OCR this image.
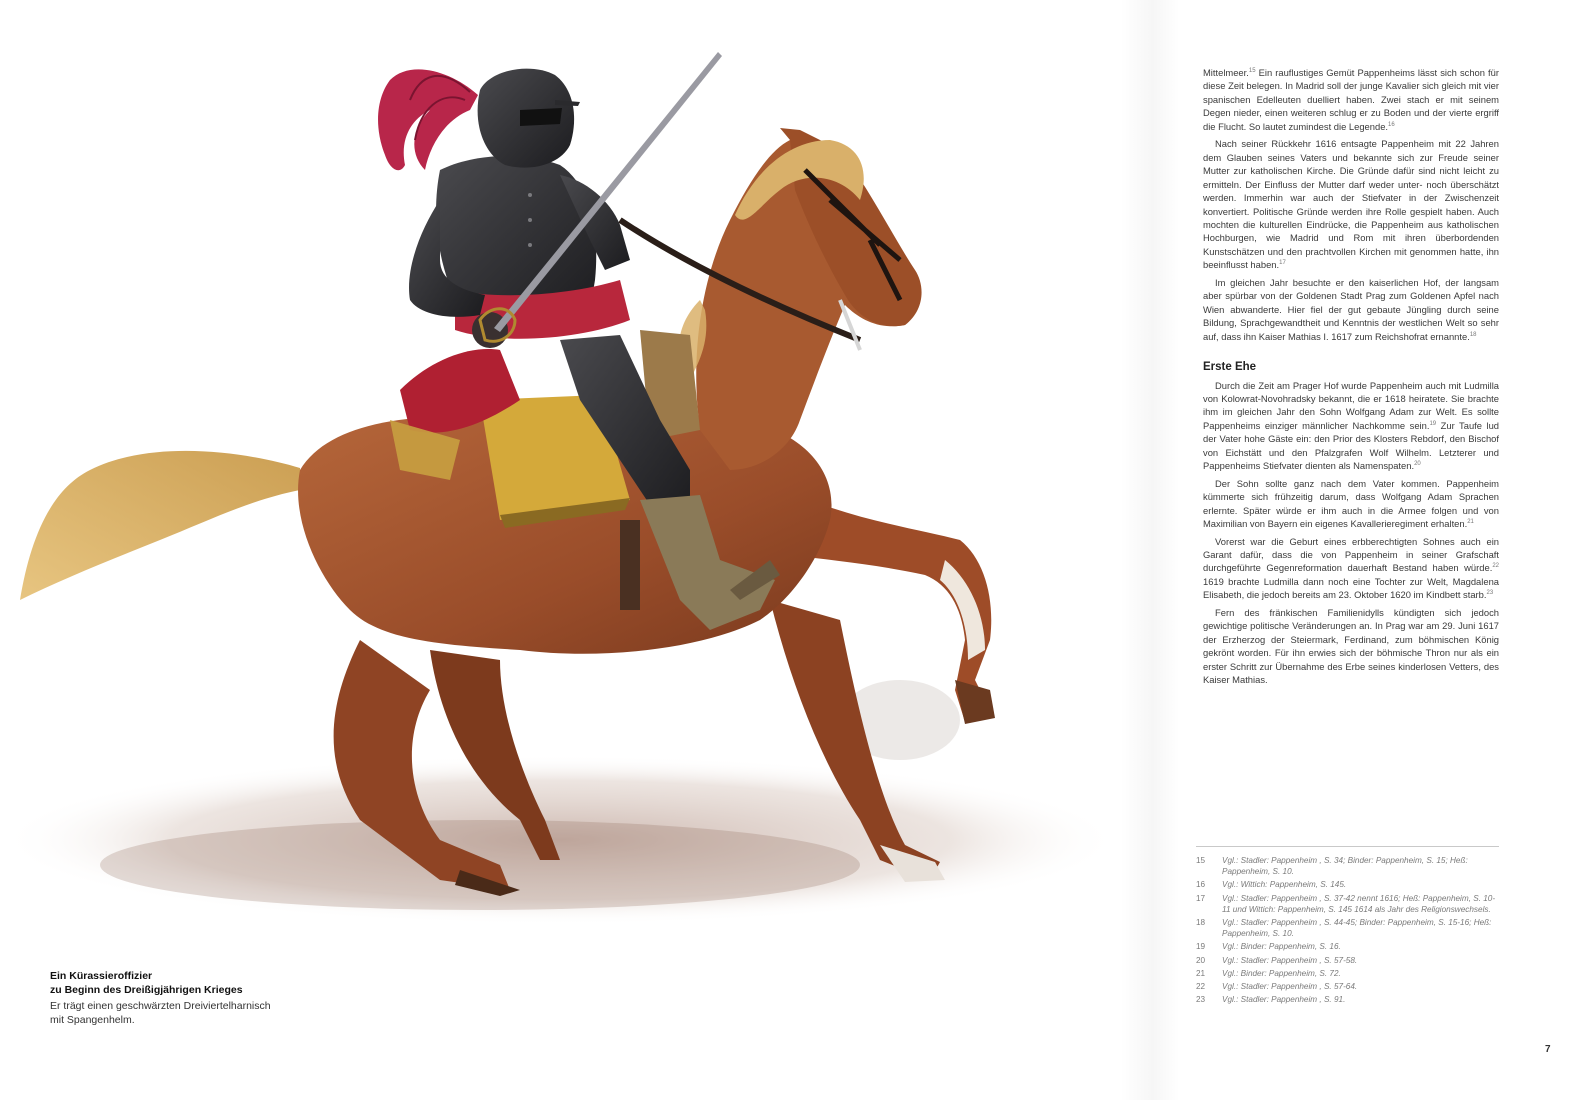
Ein Kürassieroffizier
zu Beginn des Dreißigjährigen Krieges
Er trägt einen geschwärzten Dreiviertelharnisch
mit Spangenhelm.

Mittelmeer.$^{15}$ Ein rauflustiges Gemüt Pappenheims lässt sich schon für diese Zeit belegen. In Madrid soll der junge Kavalier sich gleich mit vier spanischen Edelleuten duelliert haben. Zwei stach er mit seinem Degen nieder, einen weiteren schlug er zu Boden und der vierte ergriff die Flucht. So lautet zumindest die Legende.$^{16}$

Nach seiner Rückkehr 1616 entsagte Pappenheim mit 22 Jahren dem Glauben seines Vaters und bekannte sich zur Freude seiner Mutter zur katholischen Kirche. Die Gründe dafür sind nicht leicht zu ermitteln. Der Einfluss der Mutter darf weder unter- noch überschätzt werden. Immerhin war auch der Stiefvater in der Zwischenzeit konvertiert. Politische Gründe werden ihre Rolle gespielt haben. Auch mochten die kulturellen Eindrücke, die Pappenheim aus katholischen Hochburgen, wie Madrid und Rom mit ihren überbordenden Kunstschätzen und den prachtvollen Kirchen mit genommen hatte, ihn beeinflusst haben.$^{17}$

Im gleichen Jahr besuchte er den kaiserlichen Hof, der langsam aber spürbar von der Goldenen Stadt Prag zum Goldenen Apfel nach Wien abwanderte. Hier fiel der gut gebaute Jüngling durch seine Bildung, Sprachgewandtheit und Kenntnis der westlichen Welt so sehr auf, dass ihn Kaiser Mathias I. 1617 zum Reichshofrat ernannte.$^{18}$

Erste Ehe

Durch die Zeit am Prager Hof wurde Pappenheim auch mit Ludmilla von Kolowrat-Novohradsky bekannt, die er 1618 heiratete. Sie brachte ihm im gleichen Jahr den Sohn Wolfgang Adam zur Welt. Es sollte Pappenheims einziger männlicher Nachkomme sein.$^{19}$ Zur Taufe lud der Vater hohe Gäste ein: den Prior des Klosters Rebdorf, den Bischof von Eichstätt und den Pfalzgrafen Wolf Wilhelm. Letzterer und Pappenheims Stiefvater dienten als Namenspaten.$^{20}$

Der Sohn sollte ganz nach dem Vater kommen. Pappenheim kümmerte sich frühzeitig darum, dass Wolfgang Adam Sprachen erlernte. Später würde er ihm auch in die Armee folgen und von Maximilian von Bayern ein eigenes Kavallerieregiment erhalten.$^{21}$

Vorerst war die Geburt eines erbberechtigten Sohnes auch ein Garant dafür, dass die von Pappenheim in seiner Grafschaft durchgeführte Gegenreformation dauerhaft Bestand haben würde.$^{22}$ 1619 brachte Ludmilla dann noch eine Tochter zur Welt, Magdalena Elisabeth, die jedoch bereits am 23. Oktober 1620 im Kindbett starb.$^{23}$

Fern des fränkischen Familienidylls kündigten sich jedoch gewichtige politische Veränderungen an. In Prag war am 29. Juni 1617 der Erzherzog der Steiermark, Ferdinand, zum böhmischen König gekrönt worden. Für ihn erwies sich der böhmische Thron nur als ein erster Schritt zur Übernahme des Erbe seines kinderlosen Vetters, des Kaiser Mathias.

15	Vgl.: Stadler: Pappenheim , S. 34; Binder: Pappenheim, S. 15; Heß: Pappenheim, S. 10.
16	Vgl.: Wittich: Pappenheim, S. 145.
17	Vgl.: Stadler: Pappenheim , S. 37-42 nennt 1616; Heß: Pappenheim, S. 10-11 und Wittich: Pappenheim, S. 145 1614 als Jahr des Religionswechsels.
18	Vgl.: Stadler: Pappenheim , S. 44-45; Binder: Pappenheim, S. 15-16; Heß: Pappenheim, S. 10.
19	Vgl.: Binder: Pappenheim, S. 16.
20	Vgl.: Stadler: Pappenheim , S. 57-58.
21	Vgl.: Binder: Pappenheim, S. 72.
22	Vgl.: Stadler: Pappenheim , S. 57-64.
23	Vgl.: Stadler: Pappenheim , S. 91.
7
